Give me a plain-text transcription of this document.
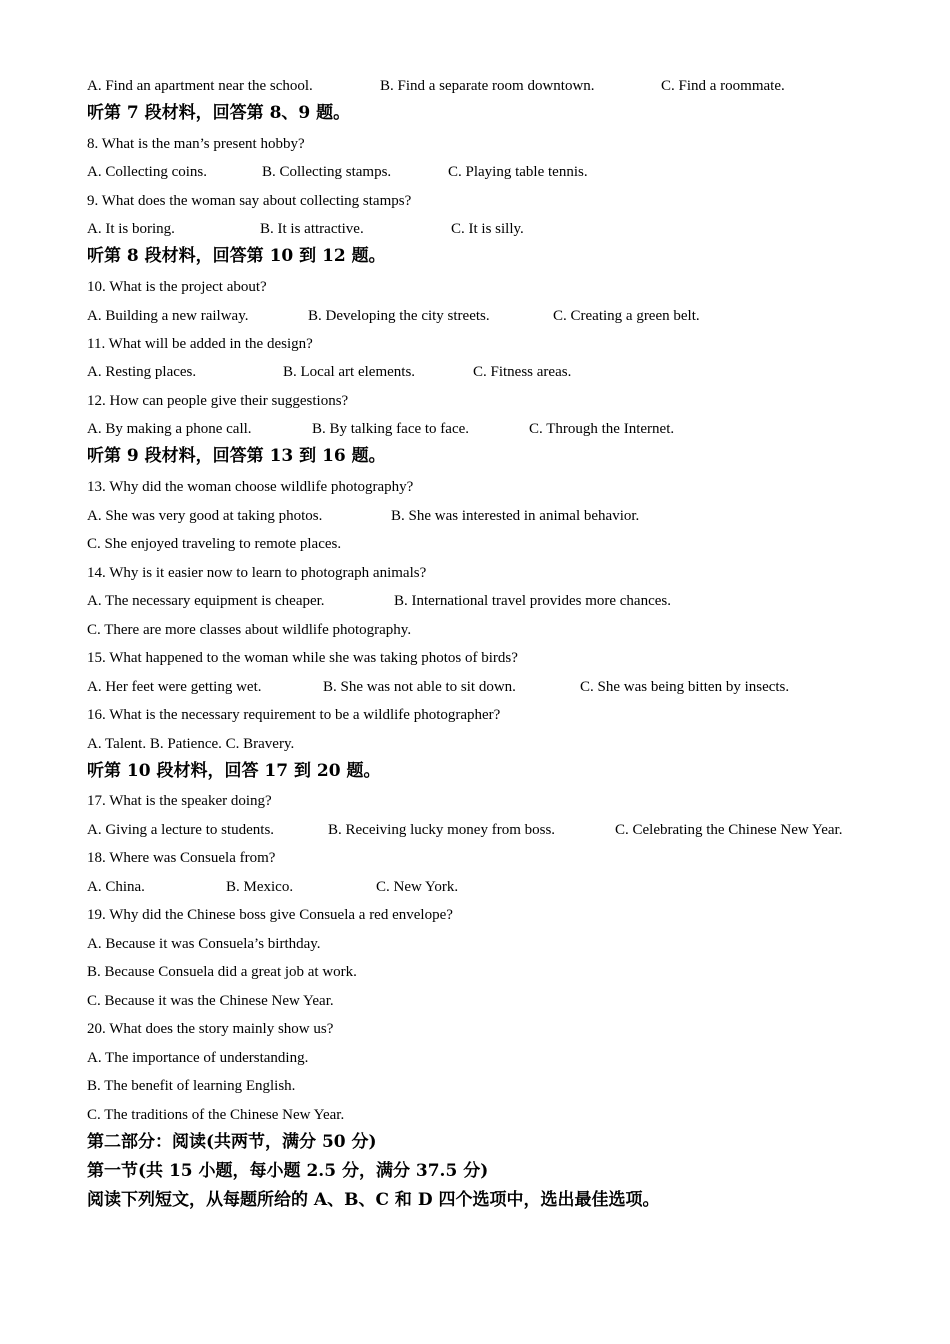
A. Find an apartment near the school.	B. Find a separate room downtown.	C. Find a roommate.
听第 7 段材料，回答第 8、9 题。
8. What is the man’s present hobby?
A. Collecting coins.	B. Collecting stamps.	C. Playing table tennis.
9. What does the woman say about collecting stamps?
A. It is boring.	B. It is attractive.	C. It is silly.
听第 8 段材料，回答第 10 到 12 题。
10. What is the project about?
A. Building a new railway.	B. Developing the city streets.	C. Creating a green belt.
11. What will be added in the design?
A. Resting places.	B. Local art elements.	C. Fitness areas.
12. How can people give their suggestions?
A. By making a phone call.	B. By talking face to face.	C. Through the Internet.
听第 9 段材料，回答第 13 到 16 题。
13. Why did the woman choose wildlife photography?
A. She was very good at taking photos.	B. She was interested in animal behavior.
C. She enjoyed traveling to remote places.
14. Why is it easier now to learn to photograph animals?
A. The necessary equipment is cheaper.	B. International travel provides more chances.
C. There are more classes about wildlife photography.
15. What happened to the woman while she was taking photos of birds?
A. Her feet were getting wet.	B. She was not able to sit down.	C. She was being bitten by insects.
16. What is the necessary requirement to be a wildlife photographer?
A. Talent. B. Patience. C. Bravery.
听第 10 段材料，回答 17 到 20 题。
17. What is the speaker doing?
A. Giving a lecture to students.	B. Receiving lucky money from boss.	C. Celebrating the Chinese New Year.
18. Where was Consuela from?
A. China.	B. Mexico.	C. New York.
19. Why did the Chinese boss give Consuela a red envelope?
A. Because it was Consuela’s birthday.
B. Because Consuela did a great job at work.
C. Because it was the Chinese New Year.
20. What does the story mainly show us?
A. The importance of understanding.
B. The benefit of learning English.
C. The traditions of the Chinese New Year.
第二部分：阅读(共两节，满分 50 分)
第一节(共 15 小题，每小题 2.5 分，满分 37.5 分)
阅读下列短文，从每题所给的 A、B、C 和 D 四个选项中，选出最佳选项。
